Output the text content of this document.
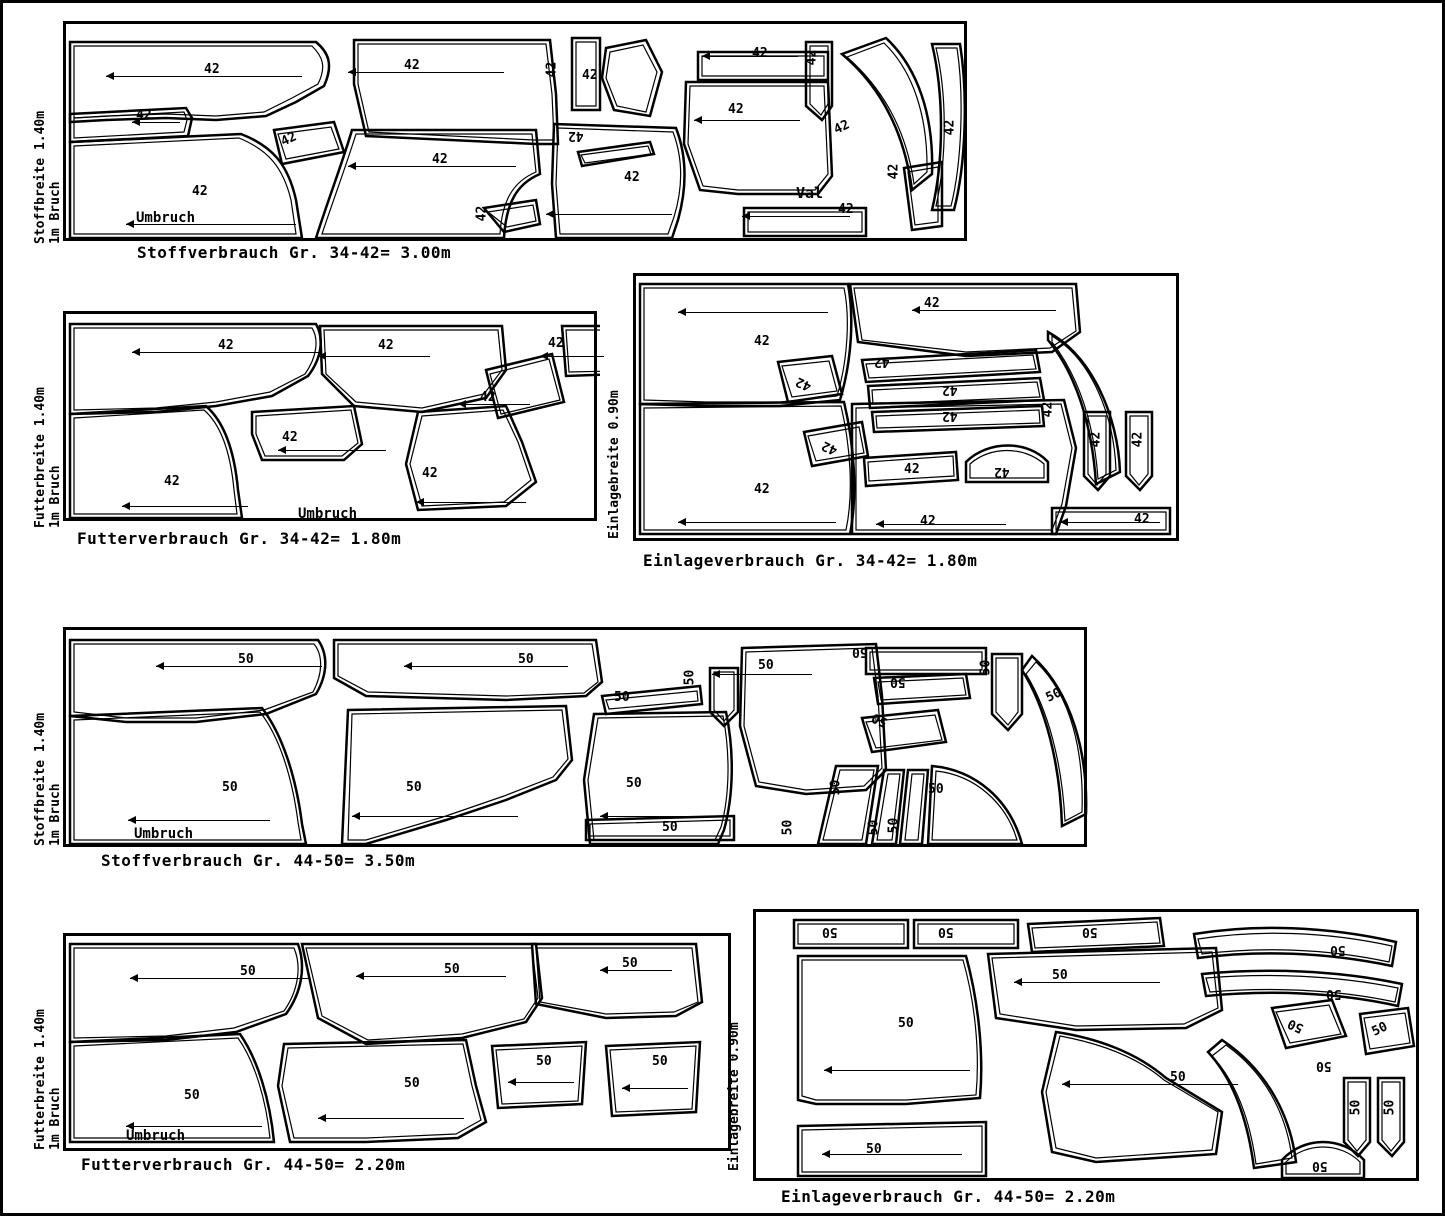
Stoffbreite 1.40m 1m Bruch
42
42
42
42
42
42
42
42 42
42
42
42
42
42
42	42
42
42
Val
Umbruch
Stoffverbrauch Gr. 34-42= 3.00m
Futterbreite 1.40m 1m Bruch
42
42
42
42
42
42
42
Umbruch
Futterverbrauch Gr. 34-42= 1.80m	Einlagebreite 0.90m
42
42
42
42
42
42
42
42
42
42	42
42
42 42
42
Einlageverbrauch Gr. 34-42= 1.80m
Stoffbreite 1.40m 1m Bruch
50
50
50
50	50
50
50
50
50
50
50
50
50
50
50	50 50
50
50
Umbruch
Stoffverbrauch Gr. 44-50= 3.50m
Futterbreite 1.40m 1m Bruch
50
50
50
50
50
50	50
Umbruch
Futterverbrauch Gr. 44-50= 2.20m	Einlagebreite 0.90m
50	50	50
50
50
50
50
50
50
50	50
50
50 50
50
Einlageverbrauch Gr. 44-50= 2.20m
